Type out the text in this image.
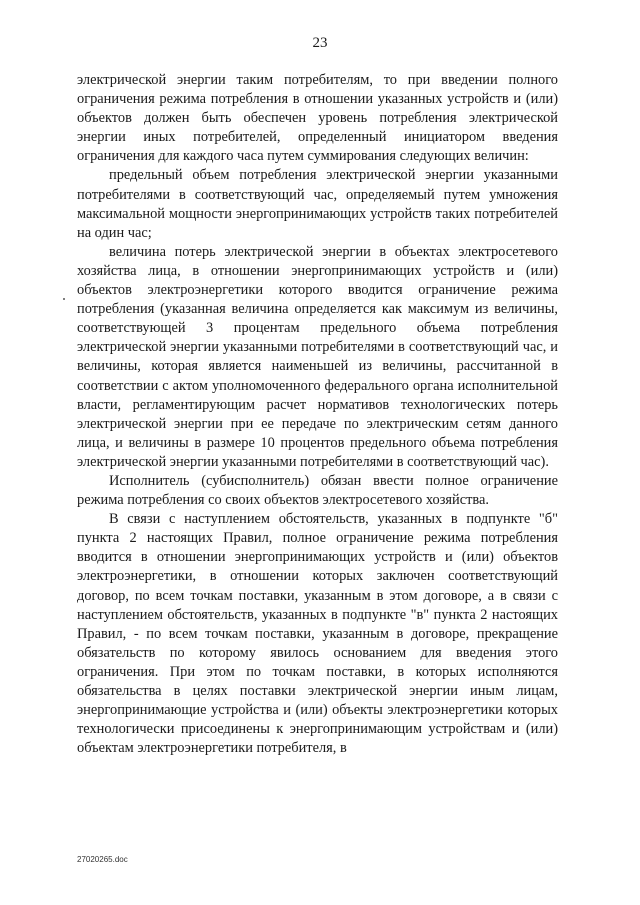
23

электрической энергии таким потребителям, то при введении полного ограничения режима потребления в отношении указанных устройств и (или) объектов должен быть обеспечен уровень потребления электрической энергии иных потребителей, определенный инициатором введения ограничения для каждого часа путем суммирования следующих величин:

предельный объем потребления электрической энергии указанными потребителями в соответствующий час, определяемый путем умножения максимальной мощности энергопринимающих устройств таких потребителей на один час;

величина потерь электрической энергии в объектах электросетевого хозяйства лица, в отношении энергопринимающих устройств и (или) объектов электроэнергетики которого вводится ограничение режима потребления (указанная величина определяется как максимум из величины, соответствующей 3 процентам предельного объема потребления электрической энергии указанными потребителями в соответствующий час, и величины, которая является наименьшей из величины, рассчитанной в соответствии с актом уполномоченного федерального органа исполнительной власти, регламентирующим расчет нормативов технологических потерь электрической энергии при ее передаче по электрическим сетям данного лица, и величины в размере 10 процентов предельного объема потребления электрической энергии указанными потребителями в соответствующий час).

Исполнитель (субисполнитель) обязан ввести полное ограничение режима потребления со своих объектов электросетевого хозяйства.

В связи с наступлением обстоятельств, указанных в подпункте "б" пункта 2 настоящих Правил, полное ограничение режима потребления вводится в отношении энергопринимающих устройств и (или) объектов электроэнергетики, в отношении которых заключен соответствующий договор, по всем точкам поставки, указанным в этом договоре, а в связи с наступлением обстоятельств, указанных в подпункте "в" пункта 2 настоящих Правил, - по всем точкам поставки, указанным в договоре, прекращение обязательств по которому явилось основанием для введения этого ограничения. При этом по точкам поставки, в которых исполняются обязательства в целях поставки электрической энергии иным лицам, энергопринимающие устройства и (или) объекты электроэнергетики которых технологически присоединены к энергопринимающим устройствам и (или) объектам электроэнергетики потребителя, в

27020265.doc
